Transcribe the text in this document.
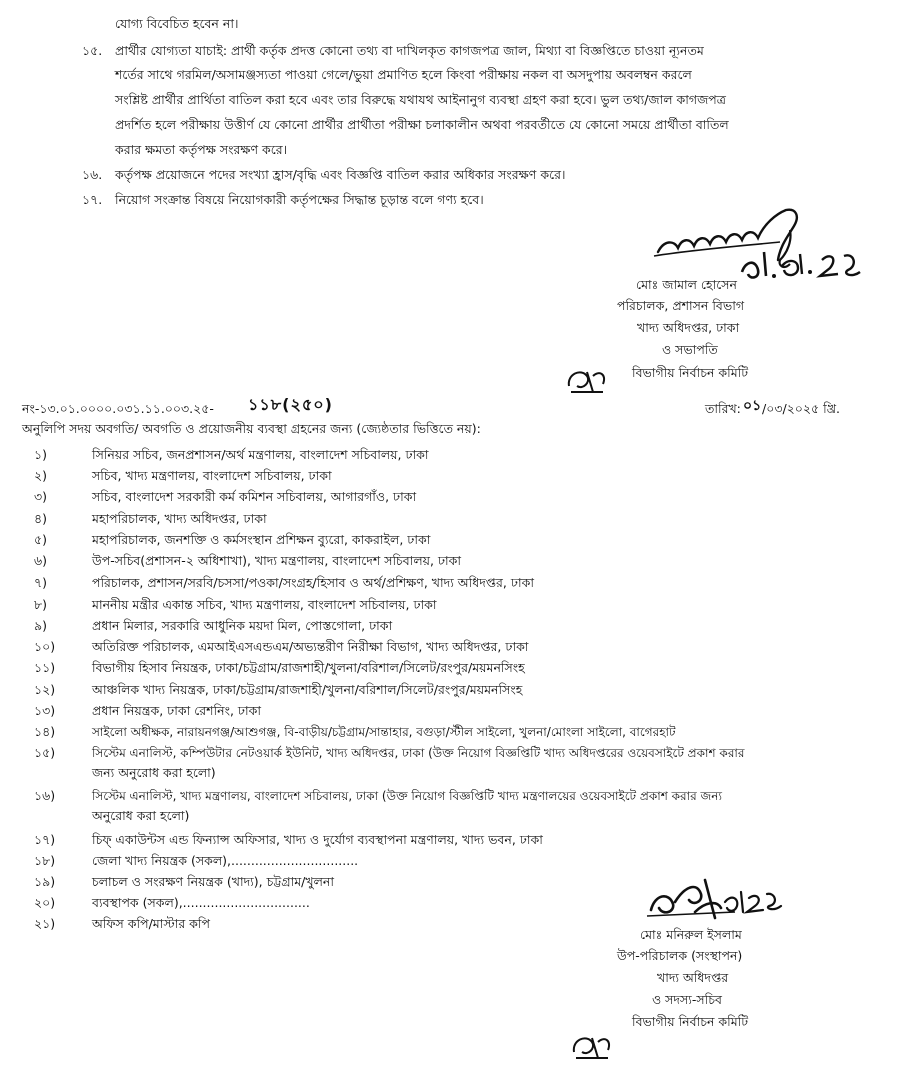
যোগ্য বিবেচিত হবেন না।
১৫. প্রার্থীর যোগ্যতা যাচাই: প্রার্থী কর্তৃক প্রদত্ত কোনো তথ্য বা দাখিলকৃত কাগজপত্র জাল, মিথ্যা বা বিজ্ঞপ্তিতে চাওয়া ন্যূনতম
শর্তের সাথে গরমিল/অসামঞ্জস্যতা পাওয়া গেলে/ভুয়া প্রমাণিত হলে কিংবা পরীক্ষায় নকল বা অসদুপায় অবলম্বন করলে
সংশ্লিষ্ট প্রার্থীর প্রার্থিতা বাতিল করা হবে এবং তার বিরুদ্ধে যথাযথ আইনানুগ ব্যবস্থা গ্রহণ করা হবে। ভুল তথ্য/জাল কাগজপত্র
প্রদর্শিত হলে পরীক্ষায় উত্তীর্ণ যে কোনো প্রার্থীর প্রার্থীতা পরীক্ষা চলাকালীন অথবা পরবর্তীতে যে কোনো সময়ে প্রার্থীতা বাতিল
করার ক্ষমতা কর্তৃপক্ষ সংরক্ষণ করে।
১৬. কর্তৃপক্ষ প্রয়োজনে পদের সংখ্যা হ্রাস/বৃদ্ধি এবং বিজ্ঞপ্তি বাতিল করার অধিকার সংরক্ষণ করে।
১৭. নিয়োগ সংক্রান্ত বিষয়ে নিয়োগকারী কর্তৃপক্ষের সিদ্ধান্ত চূড়ান্ত বলে গণ্য হবে।
মোঃ জামাল হোসেন
পরিচালক, প্রশাসন বিভাগ
খাদ্য অধিদপ্তর, ঢাকা
ও সভাপতি
বিভাগীয় নির্বাচন কমিটি
নং-১৩.০১.০০০০.০৩১.১১.০০৩.২৫- ১১৮(২৫০)	তারিখ: ০১ /০৩/২০২৫ খ্রি.
অনুলিপি সদয় অবগতি/ অবগতি ও প্রয়োজনীয় ব্যবস্থা গ্রহনের জন্য (জ্যেষ্ঠতার ভিত্তিতে নয়):
১)	সিনিয়র সচিব, জনপ্রশাসন/অর্থ মন্ত্রণালয়, বাংলাদেশ সচিবালয়, ঢাকা
২)	সচিব, খাদ্য মন্ত্রণালয়, বাংলাদেশ সচিবালয়, ঢাকা
৩)	সচিব, বাংলাদেশ সরকারী কর্ম কমিশন সচিবালয়, আগারগাঁও, ঢাকা
৪)	মহাপরিচালক, খাদ্য অধিদপ্তর, ঢাকা
৫)	মহাপরিচালক, জনশক্তি ও কর্মসংস্থান প্রশিক্ষন ব্যুরো, কাকরাইল, ঢাকা
৬)	উপ-সচিব(প্রশাসন-২ অধিশাখা), খাদ্য মন্ত্রণালয়, বাংলাদেশ সচিবালয়, ঢাকা
৭)	পরিচালক, প্রশাসন/সরবি/চসসা/পওকা/সংগ্রহ/হিসাব ও অর্থ/প্রশিক্ষণ, খাদ্য অধিদপ্তর, ঢাকা
৮)	মাননীয় মন্ত্রীর একান্ত সচিব, খাদ্য মন্ত্রণালয়, বাংলাদেশ সচিবালয়, ঢাকা
৯)	প্রধান মিলার, সরকারি আধুনিক ময়দা মিল, পোস্তগোলা, ঢাকা
১০)	অতিরিক্ত পরিচালক, এমআইএসএন্ডএম/অভ্যন্তরীণ নিরীক্ষা বিভাগ, খাদ্য অধিদপ্তর, ঢাকা
১১)	বিভাগীয় হিসাব নিয়ন্ত্রক, ঢাকা/চট্টগ্রাম/রাজশাহী/খুলনা/বরিশাল/সিলেট/রংপুর/ময়মনসিংহ
১২)	আঞ্চলিক খাদ্য নিয়ন্ত্রক, ঢাকা/চট্টগ্রাম/রাজশাহী/খুলনা/বরিশাল/সিলেট/রংপুর/ময়মনসিংহ
১৩)	প্রধান নিয়ন্ত্রক, ঢাকা রেশনিং, ঢাকা
১৪)	সাইলো অধীক্ষক, নারায়নগঞ্জ/আশুগঞ্জ, বি-বাড়ীয়/চট্টগ্রাম/সান্তাহার, বগুড়া/স্টীল সাইলো, খুলনা/মোংলা সাইলো, বাগেরহাট
১৫)	সিস্টেম এনালিস্ট, কম্পিউটার নেটওয়ার্ক ইউনিট, খাদ্য অধিদপ্তর, ঢাকা (উক্ত নিয়োগ বিজ্ঞপ্তিটি খাদ্য অধিদপ্তরের ওয়েবসাইটে প্রকাশ করার
জন্য অনুরোধ করা হলো)
১৬)	সিস্টেম এনালিস্ট, খাদ্য মন্ত্রণালয়, বাংলাদেশ সচিবালয়, ঢাকা (উক্ত নিয়োগ বিজ্ঞপ্তিটি খাদ্য মন্ত্রণালয়ের ওয়েবসাইটে প্রকাশ করার জন্য
অনুরোধ করা হলো)
১৭)	চিফ্ একাউন্টস এন্ড ফিন্যান্স অফিসার, খাদ্য ও দুর্যোগ ব্যবস্থাপনা মন্ত্রণালয়, খাদ্য ভবন, ঢাকা
১৮)	জেলা খাদ্য নিয়ন্ত্রক (সকল),................................
১৯)	চলাচল ও সংরক্ষণ নিয়ন্ত্রক (খাদ্য), চট্টগ্রাম/খুলনা
২০)	ব্যবস্থাপক (সকল),................................
২১)	অফিস কপি/মাস্টার কপি
মোঃ মনিরুল ইসলাম
উপ-পরিচালক (সংস্থাপন)
খাদ্য অধিদপ্তর
ও সদস্য-সচিব
বিভাগীয় নির্বাচন কমিটি
